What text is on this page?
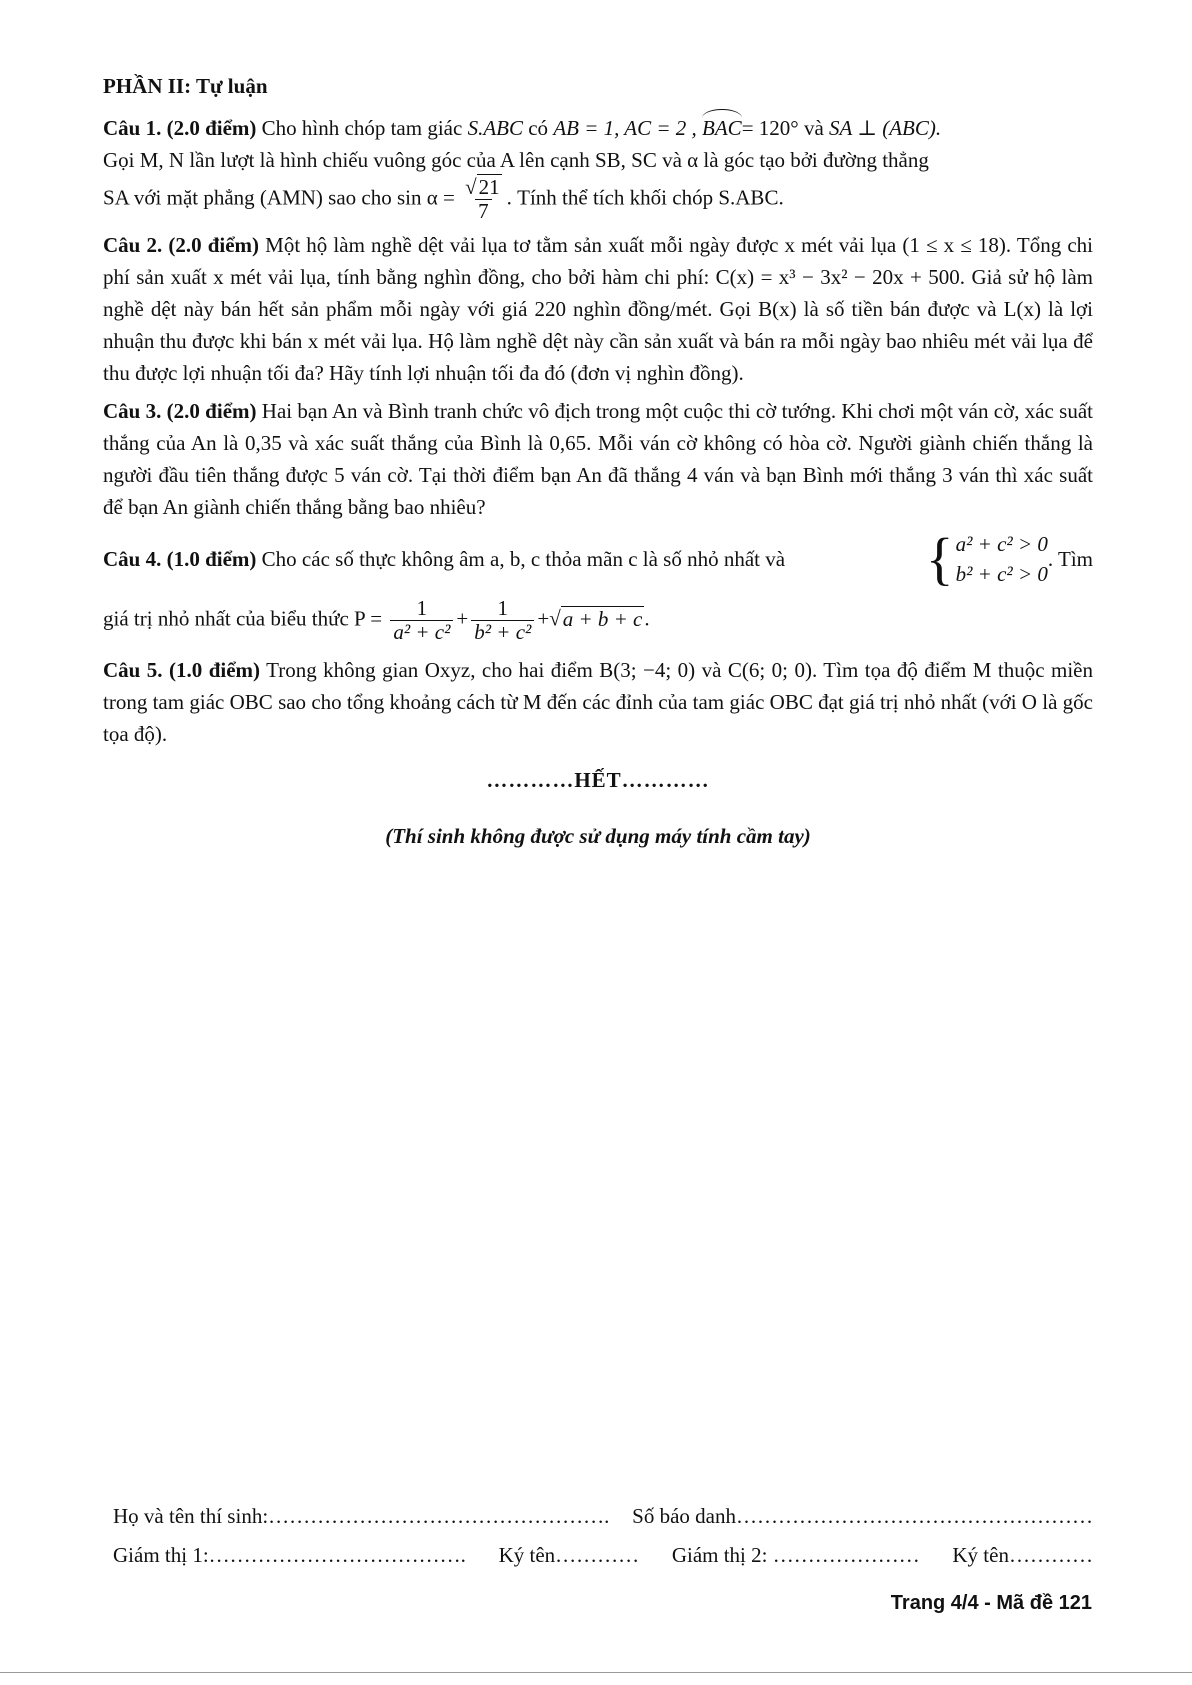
PHẦN II: Tự luận
Câu 1. (2.0 điểm) Cho hình chóp tam giác S.ABC có AB = 1, AC = 2 , BAC= 120° và SA ⊥ (ABC).
Gọi M, N lần lượt là hình chiếu vuông góc của A lên cạnh SB, SC và α là góc tạo bởi đường thẳng
SA với mặt phẳng (AMN) sao cho $\sin \alpha = \frac{√21}{7}$ . Tính thể tích khối chóp S.ABC.
Câu 2. (2.0 điểm) Một hộ làm nghề dệt vải lụa tơ tằm sản xuất mỗi ngày được x mét vải lụa (1 ≤ x ≤ 18). Tổng chi phí sản xuất x mét vải lụa, tính bằng nghìn đồng, cho bởi hàm chi phí: C(x) = x³ − 3x² − 20x + 500. Giả sử hộ làm nghề dệt này bán hết sản phẩm mỗi ngày với giá 220 nghìn đồng/mét. Gọi B(x) là số tiền bán được và L(x) là lợi nhuận thu được khi bán x mét vải lụa. Hộ làm nghề dệt này cần sản xuất và bán ra mỗi ngày bao nhiêu mét vải lụa để thu được lợi nhuận tối đa? Hãy tính lợi nhuận tối đa đó (đơn vị nghìn đồng).
Câu 3. (2.0 điểm) Hai bạn An và Bình tranh chức vô địch trong một cuộc thi cờ tướng. Khi chơi một ván cờ, xác suất thắng của An là 0,35 và xác suất thắng của Bình là 0,65. Mỗi ván cờ không có hòa cờ. Người giành chiến thắng là người đầu tiên thắng được 5 ván cờ. Tại thời điểm bạn An đã thắng 4 ván và bạn Bình mới thắng 3 ván thì xác suất để bạn An giành chiến thắng bằng bao nhiêu?
Câu 4. (1.0 điểm) Cho các số thực không âm a, b, c thỏa mãn c là số nhỏ nhất và	{ a² + c² > 0
b² + c² > 0
. Tìm
giá trị nhỏ nhất của biểu thức $P = \frac{1}{\text{a² + c²}} + \frac{1}{\text{b² + c²}} +√a + b + c$.
Câu 5. (1.0 điểm) Trong không gian Oxyz, cho hai điểm B(3; −4; 0) và C(6; 0; 0). Tìm tọa độ điểm M thuộc miền trong tam giác OBC sao cho tổng khoảng cách từ M đến các đỉnh của tam giác OBC đạt giá trị nhỏ nhất (với O là gốc tọa độ).
…………HẾT…………
(Thí sinh không được sử dụng máy tính cầm tay)
Họ và tên thí sinh:…………………………………………. Số báo danh……………………………………………
Giám thị 1:………………………………. Ký tên………… Giám thị 2: ………………… Ký tên…………
Trang 4/4 - Mã đề 121
